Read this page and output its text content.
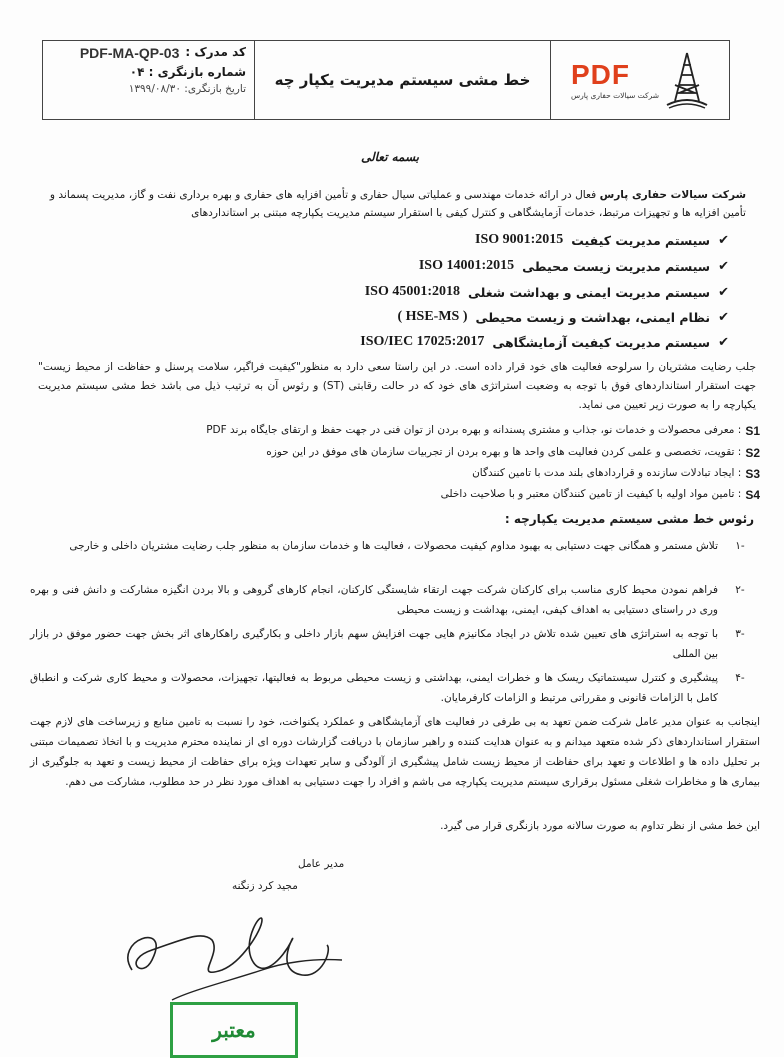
کد مدرک :
PDF-MA-QP-03
شماره بازنگری : ۰۴
تاریخ بازنگری: ۱۳۹۹/۰۸/۳۰	خط مشی سیستم مدیریت یکپار چه	PDF
شرکت سیالات حفاری پارس
بسمه تعالی
شرکت سیالات حفاری پارس فعال در ارائه خدمات مهندسی و عملیاتی سیال حفاری و تأمین افزایه های حفاری و بهره برداری نفت و گاز، مدیریت پسماند و تأمین افزایه ها و تجهیزات مرتبط، خدمات آزمایشگاهی و کنترل کیفی با استقرار سیستم مدیریت یکپارچه مبتنی بر استانداردهای
✔
سیستم مدیریت کیفیت
ISO 9001:2015
✔
سیستم مدیریت زیست محیطی
ISO 14001:2015
✔
سیستم مدیریت ایمنی و بهداشت شغلی
ISO 45001:2018
✔
نظام ایمنی، بهداشت و زیست محیطی
( HSE-MS )
✔
سیستم مدیریت کیفیت آزمایشگاهی
ISO/IEC 17025:2017
جلب رضایت مشتریان را سرلوحه فعالیت های خود قرار داده است. در این راستا سعی دارد به منظور"کیفیت فراگیر، سلامت پرسنل و حفاظت از محیط زیست" جهت استقرار استانداردهای فوق با توجه به وضعیت استراتژی های خود که در حالت رقابتی (ST) و رئوس آن به ترتیب ذیل می باشد خط مشی سیستم مدیریت یکپارچه را به صورت زیر تعیین می نماید.
S1
: معرفی محصولات و خدمات نو، جذاب و مشتری پسندانه و بهره بردن از توان فنی در جهت حفظ و ارتقای جایگاه برند PDF
S2
: تقویت، تخصصی و علمی کردن فعالیت های واحد ها و بهره بردن از تجربیات سازمان های موفق در این حوزه
S3
: ایجاد تبادلات سازنده و قراردادهای بلند مدت با تامین کنندگان
S4
: تامین مواد اولیه با کیفیت از تامین کنندگان معتبر و با صلاحیت داخلی
رئوس خط مشی سیستم مدیریت یکپارچه :
-۱
تلاش مستمر و همگانی جهت دستیابی به بهبود مداوم کیفیت محصولات ، فعالیت ها و خدمات سازمان به منظور جلب رضایت مشتریان داخلی و خارجی
-۲
فراهم نمودن محیط کاری مناسب برای کارکنان شرکت جهت ارتقاء شایستگی کارکنان، انجام کارهای گروهی و بالا بردن انگیزه مشارکت و دانش فنی و بهره وری در راستای دستیابی به اهداف کیفی، ایمنی، بهداشت و زیست محیطی
-۳
با توجه به استراتژی های تعیین شده تلاش در ایجاد مکانیزم هایی جهت افزایش سهم بازار داخلی و بکارگیری راهکارهای اثر بخش جهت حضور موفق در بازار بین المللی
-۴
پیشگیری و کنترل سیستماتیک ریسک ها و خطرات ایمنی، بهداشتی و زیست محیطی مربوط به فعالیتها، تجهیزات، محصولات و محیط کاری شرکت و انطباق کامل با الزامات قانونی و مقرراتی مرتبط و الزامات کارفرمایان.
اینجانب به عنوان مدیر عامل شرکت ضمن تعهد به بی طرفی در فعالیت های آزمایشگاهی و عملکرد یکنواخت، خود را نسبت به تامین منابع و زیرساخت های لازم جهت استقرار استانداردهای ذکر شده متعهد میدانم و به عنوان هدایت کننده و راهبر سازمان با دریافت گزارشات دوره ای از نماینده محترم مدیریت و با اتخاذ تصمیمات مبتنی بر تحلیل داده ها و اطلاعات و تعهد برای حفاظت از محیط زیست شامل پیشگیری از آلودگی و سایر تعهدات ویژه برای حفاظت از محیط زیست و تعهد به جلوگیری از بیماری ها و مخاطرات شغلی مسئول برقراری سیستم مدیریت یکپارچه می باشم و افراد را جهت دستیابی به اهداف مورد نظر در حد مطلوب، مشارکت می دهم.
این خط مشی از نظر تداوم به صورت سالانه مورد بازنگری قرار می گیرد.
مدیر عامل
مجید کرد زنگنه
معتبر
